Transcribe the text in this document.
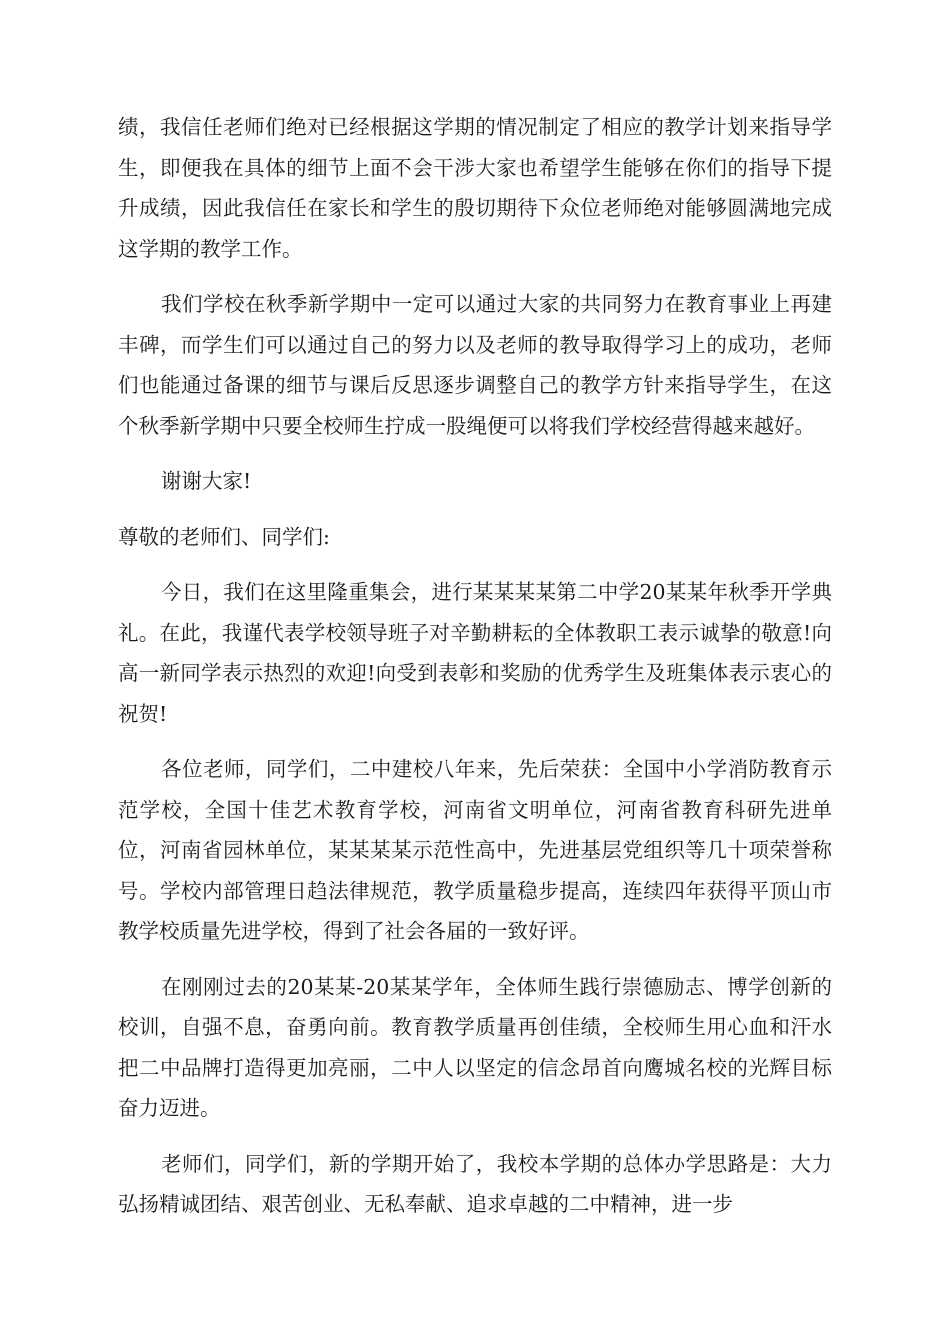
绩，我信任老师们绝对已经根据这学期的情况制定了相应的教学计划来指导学生，即便我在具体的细节上面不会干涉大家也希望学生能够在你们的指导下提升成绩，因此我信任在家长和学生的殷切期待下众位老师绝对能够圆满地完成这学期的教学工作。

我们学校在秋季新学期中一定可以通过大家的共同努力在教育事业上再建丰碑，而学生们可以通过自己的努力以及老师的教导取得学习上的成功，老师们也能通过备课的细节与课后反思逐步调整自己的教学方针来指导学生，在这个秋季新学期中只要全校师生拧成一股绳便可以将我们学校经营得越来越好。

谢谢大家!

尊敬的老师们、同学们:

今日，我们在这里隆重集会，进行某某某某第二中学20某某年秋季开学典礼。在此，我谨代表学校领导班子对辛勤耕耘的全体教职工表示诚挚的敬意!向高一新同学表示热烈的欢迎!向受到表彰和奖励的优秀学生及班集体表示衷心的祝贺!

各位老师，同学们，二中建校八年来，先后荣获：全国中小学消防教育示范学校，全国十佳艺术教育学校，河南省文明单位，河南省教育科研先进单位，河南省园林单位，某某某某示范性高中，先进基层党组织等几十项荣誉称号。学校内部管理日趋法律规范，教学质量稳步提高，连续四年获得平顶山市教学校质量先进学校，得到了社会各届的一致好评。

在刚刚过去的20某某-20某某学年，全体师生践行崇德励志、博学创新的校训，自强不息，奋勇向前。教育教学质量再创佳绩，全校师生用心血和汗水把二中品牌打造得更加亮丽，二中人以坚定的信念昂首向鹰城名校的光辉目标奋力迈进。

老师们，同学们，新的学期开始了，我校本学期的总体办学思路是：大力弘扬精诚团结、艰苦创业、无私奉献、追求卓越的二中精神，进一步
